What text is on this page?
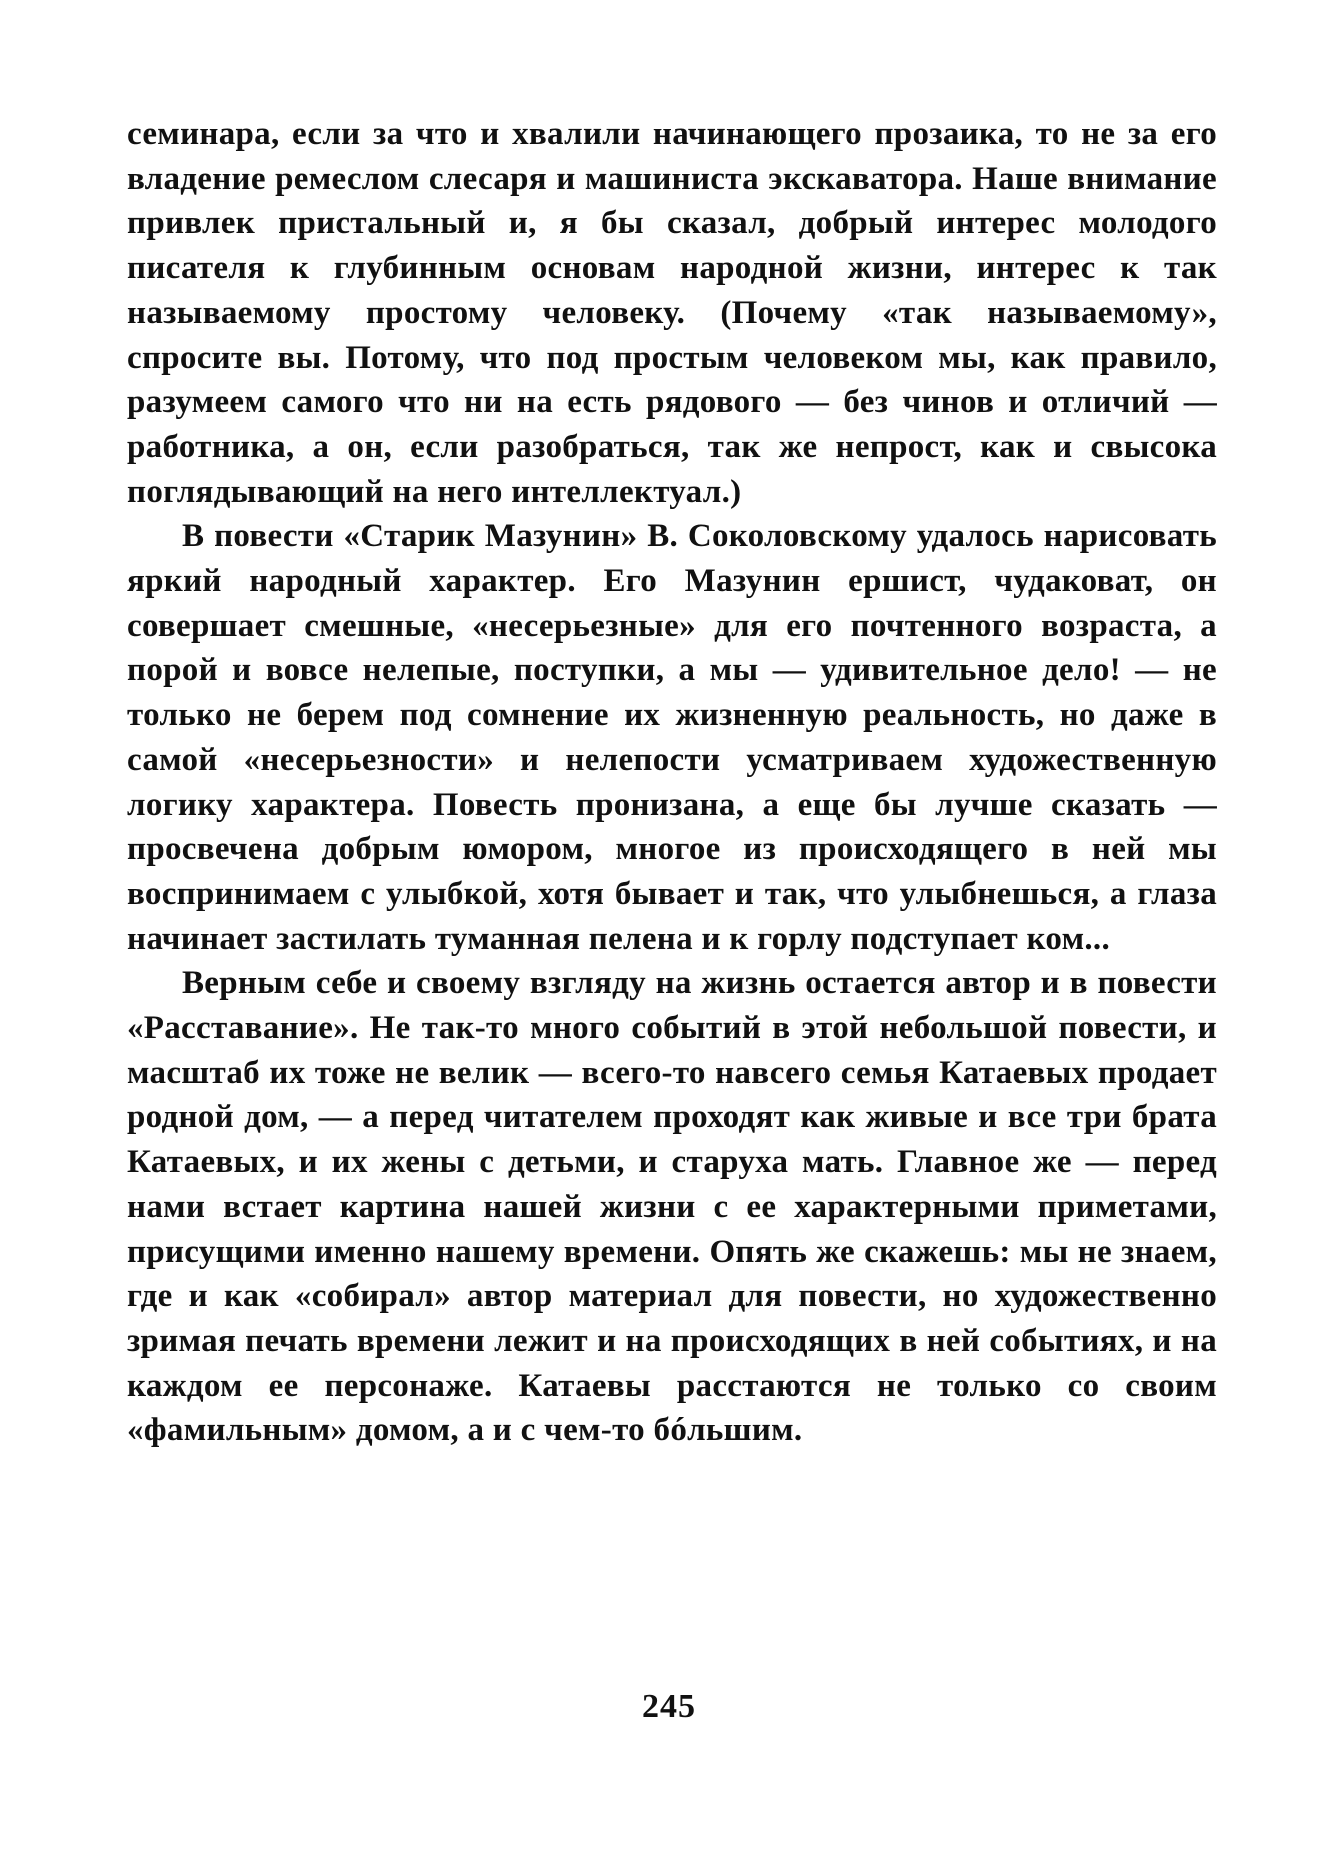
семинара, если за что и хвалили начинающего прозаика, то не за его владение ремеслом слесаря и машиниста экскаватора. Наше внимание привлек пристальный и, я бы сказал, добрый интерес молодого писателя к глубинным основам народной жизни, интерес к так называемому простому человеку. (Почему «так называемому», спросите вы. Потому, что под простым человеком мы, как правило, разумеем самого что ни на есть рядового — без чинов и отличий — работника, а он, если разобраться, так же непрост, как и свысока поглядывающий на него интеллектуал.)

В повести «Старик Мазунин» В. Соколовскому удалось нарисовать яркий народный характер. Его Мазунин ершист, чудаковат, он совершает смешные, «несерьезные» для его почтенного возраста, а порой и вовсе нелепые, поступки, а мы — удивительное дело! — не только не берем под сомнение их жизненную реальность, но даже в самой «несерьезности» и нелепости усматриваем художественную логику характера. Повесть пронизана, а еще бы лучше сказать — просвечена добрым юмором, многое из происходящего в ней мы воспринимаем с улыбкой, хотя бывает и так, что улыбнешься, а глаза начинает застилать туманная пелена и к горлу подступает ком...

Верным себе и своему взгляду на жизнь остается автор и в повести «Расставание». Не так-то много событий в этой небольшой повести, и масштаб их тоже не велик — всего-то навсего семья Катаевых продает родной дом, — а перед читателем проходят как живые и все три брата Катаевых, и их жены с детьми, и старуха мать. Главное же — перед нами встает картина нашей жизни с ее характерными приметами, присущими именно нашему времени. Опять же скажешь: мы не знаем, где и как «собирал» автор материал для повести, но художественно зримая печать времени лежит и на происходящих в ней событиях, и на каждом ее персонаже. Катаевы расстаются не только со своим «фамильным» домом, а и с чем-то бóльшим.

245
